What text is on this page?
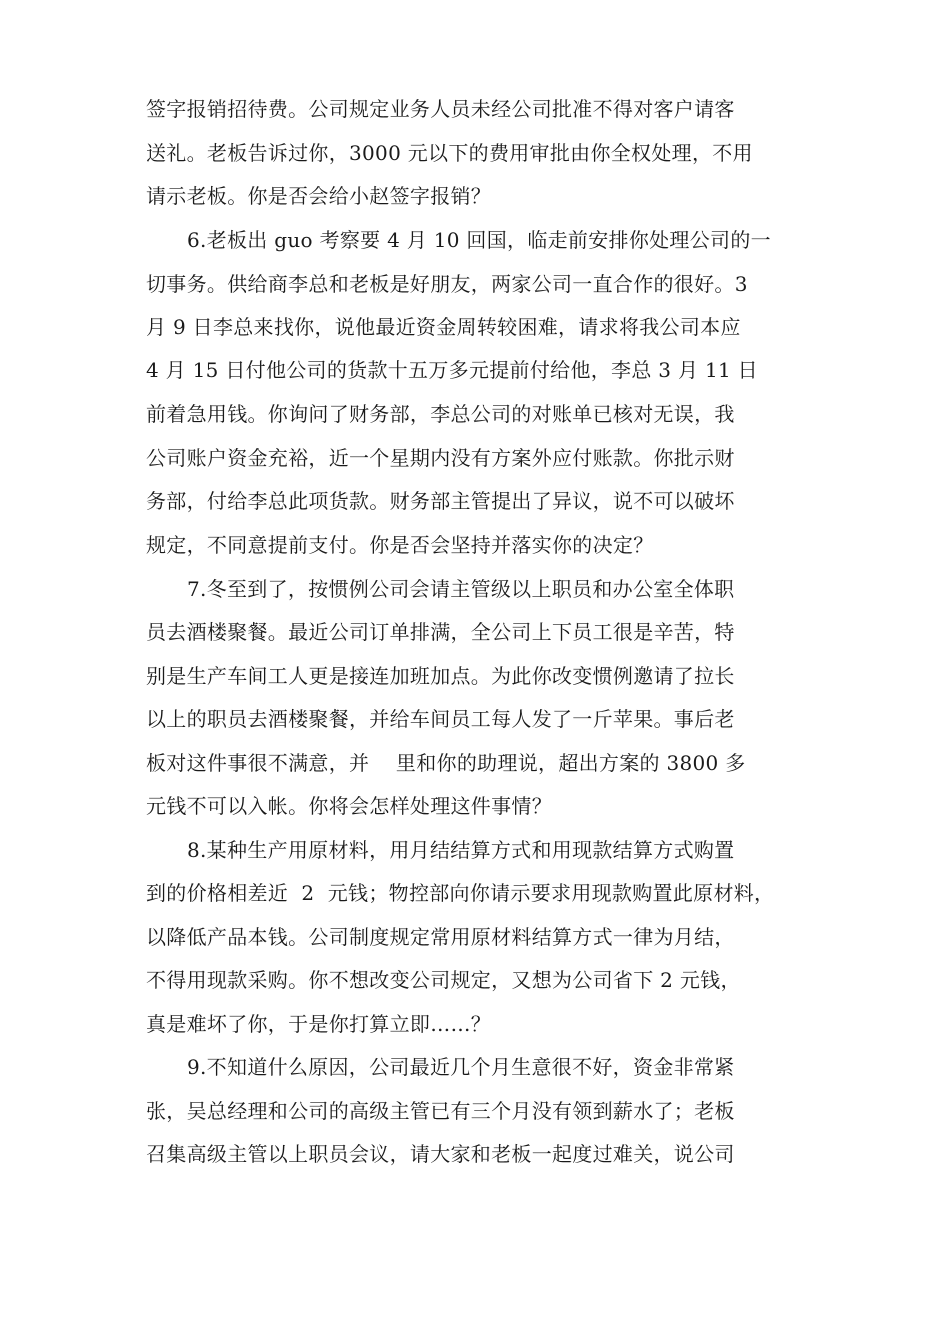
签字报销招待费。公司规定业务人员未经公司批准不得对客户请客
送礼。老板告诉过你，3000 元以下的费用审批由你全权处理，不用
请示老板。你是否会给小赵签字报销？
6.老板出 guo 考察要 4 月 10 回国，临走前安排你处理公司的一
切事务。供给商李总和老板是好朋友，两家公司一直合作的很好。3
月 9 日李总来找你，说他最近资金周转较困难，请求将我公司本应
4 月 15 日付他公司的货款十五万多元提前付给他，李总 3 月 11 日
前着急用钱。你询问了财务部，李总公司的对账单已核对无误，我
公司账户资金充裕，近一个星期内没有方案外应付账款。你批示财
务部，付给李总此项货款。财务部主管提出了异议，说不可以破坏
规定，不同意提前支付。你是否会坚持并落实你的决定？
7.冬至到了，按惯例公司会请主管级以上职员和办公室全体职
员去酒楼聚餐。最近公司订单排满，全公司上下员工很是辛苦，特
别是生产车间工人更是接连加班加点。为此你改变惯例邀请了拉长
以上的职员去酒楼聚餐，并给车间员工每人发了一斤苹果。事后老
板对这件事很不满意，并    里和你的助理说，超出方案的 3800 多
元钱不可以入帐。你将会怎样处理这件事情？
8.某种生产用原材料，用月结结算方式和用现款结算方式购置
到的价格相差近  2  元钱；物控部向你请示要求用现款购置此原材料，
以降低产品本钱。公司制度规定常用原材料结算方式一律为月结，
不得用现款采购。你不想改变公司规定，又想为公司省下 2 元钱，
真是难坏了你，于是你打算立即……？
9.不知道什么原因，公司最近几个月生意很不好，资金非常紧
张，吴总经理和公司的高级主管已有三个月没有领到薪水了；老板
召集高级主管以上职员会议，请大家和老板一起度过难关，说公司
